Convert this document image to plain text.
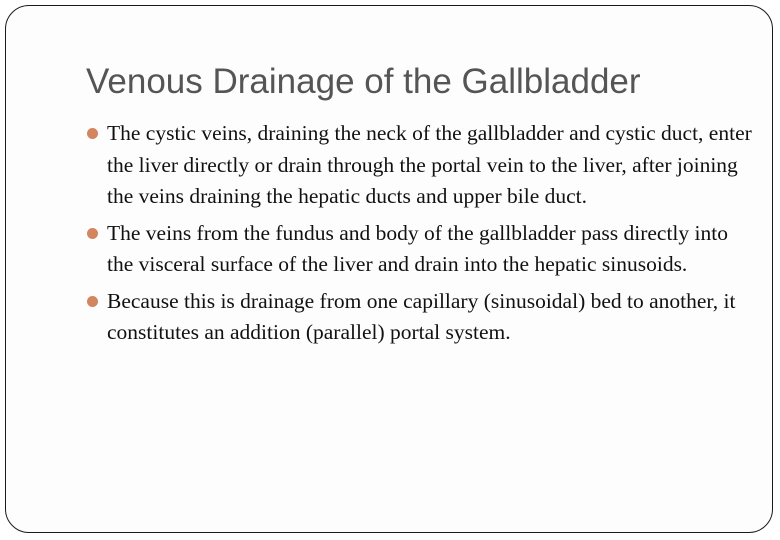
Venous Drainage of the Gallbladder
The cystic veins, draining the neck of the gallbladder and cystic duct, enter the liver directly or drain through the portal vein to the liver, after joining the veins draining the hepatic ducts and upper bile duct.
The veins from the fundus and body of the gallbladder pass directly into the visceral surface of the liver and drain into the hepatic sinusoids.
Because this is drainage from one capillary (sinusoidal) bed to another, it constitutes an addition (parallel) portal system.
